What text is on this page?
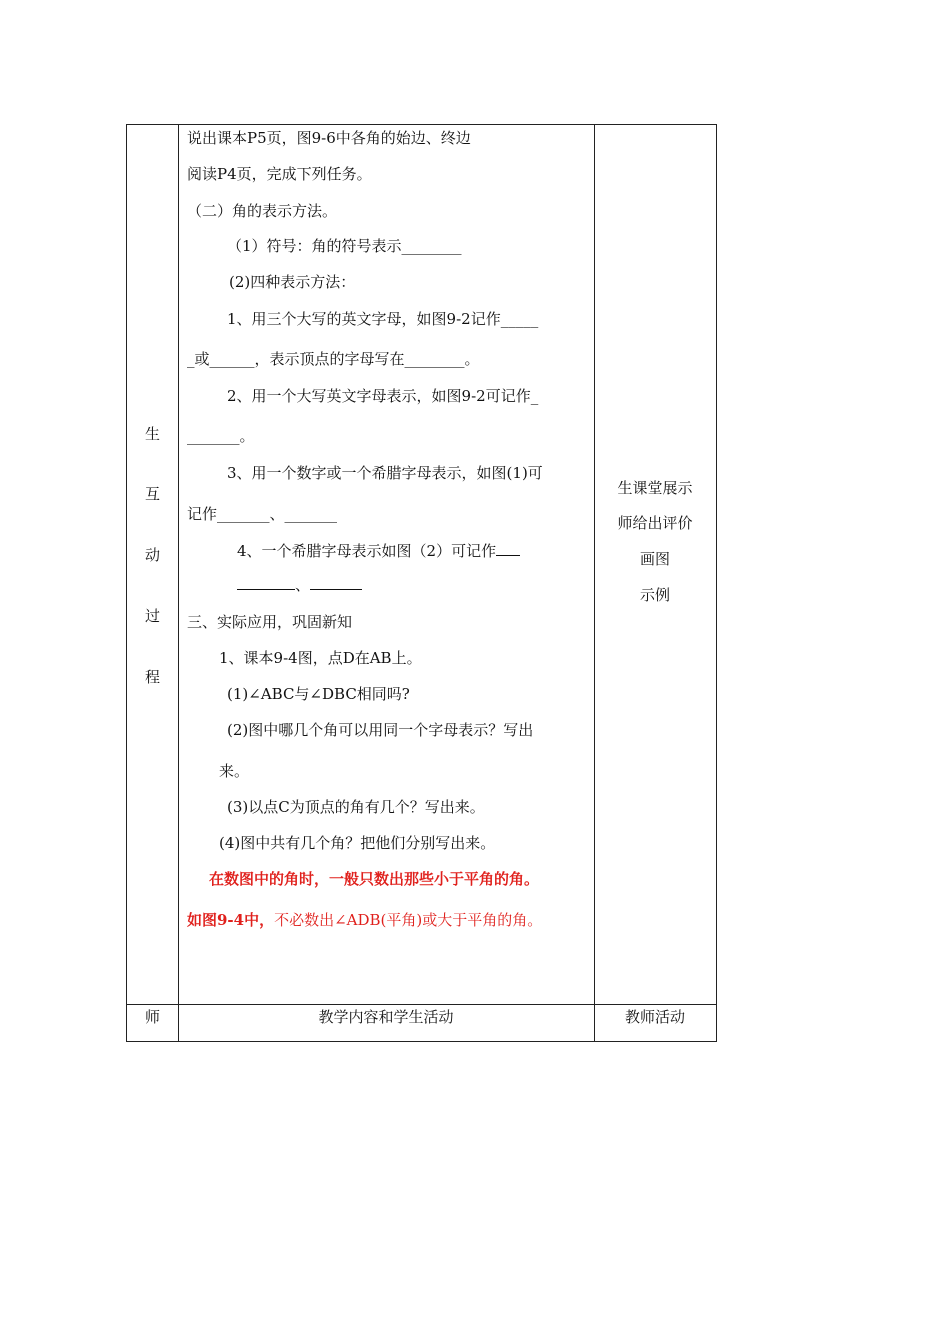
生
互
动
过
程
说出课本P5页，图9-6中各角的始边、终边
阅读P4页，完成下列任务。
（二）角的表示方法。
（1）符号：角的符号表示________
(2)四种表示方法：
1、用三个大写的英文字母，如图9-2记作_____
_或______，表示顶点的字母写在________。
2、用一个大写英文字母表示，如图9-2可记作_
_______。
3、用一个数字或一个希腊字母表示，如图(1)可
记作_______、_______
4、一个希腊字母表示如图（2）可记作
、
三、实际应用，巩固新知
1、课本9-4图，点D在AB上。
(1)∠ABC与∠DBC相同吗?
(2)图中哪几个角可以用同一个字母表示？写出
来。
(3)以点C为顶点的角有几个？写出来。
(4)图中共有几个角？把他们分别写出来。
在数图中的角时，一般只数出那些小于平角的角。
如图9-4中，不必数出∠ADB(平角)或大于平角的角。
生课堂展示
师给出评价
画图
示例
师	教学内容和学生活动	教师活动
